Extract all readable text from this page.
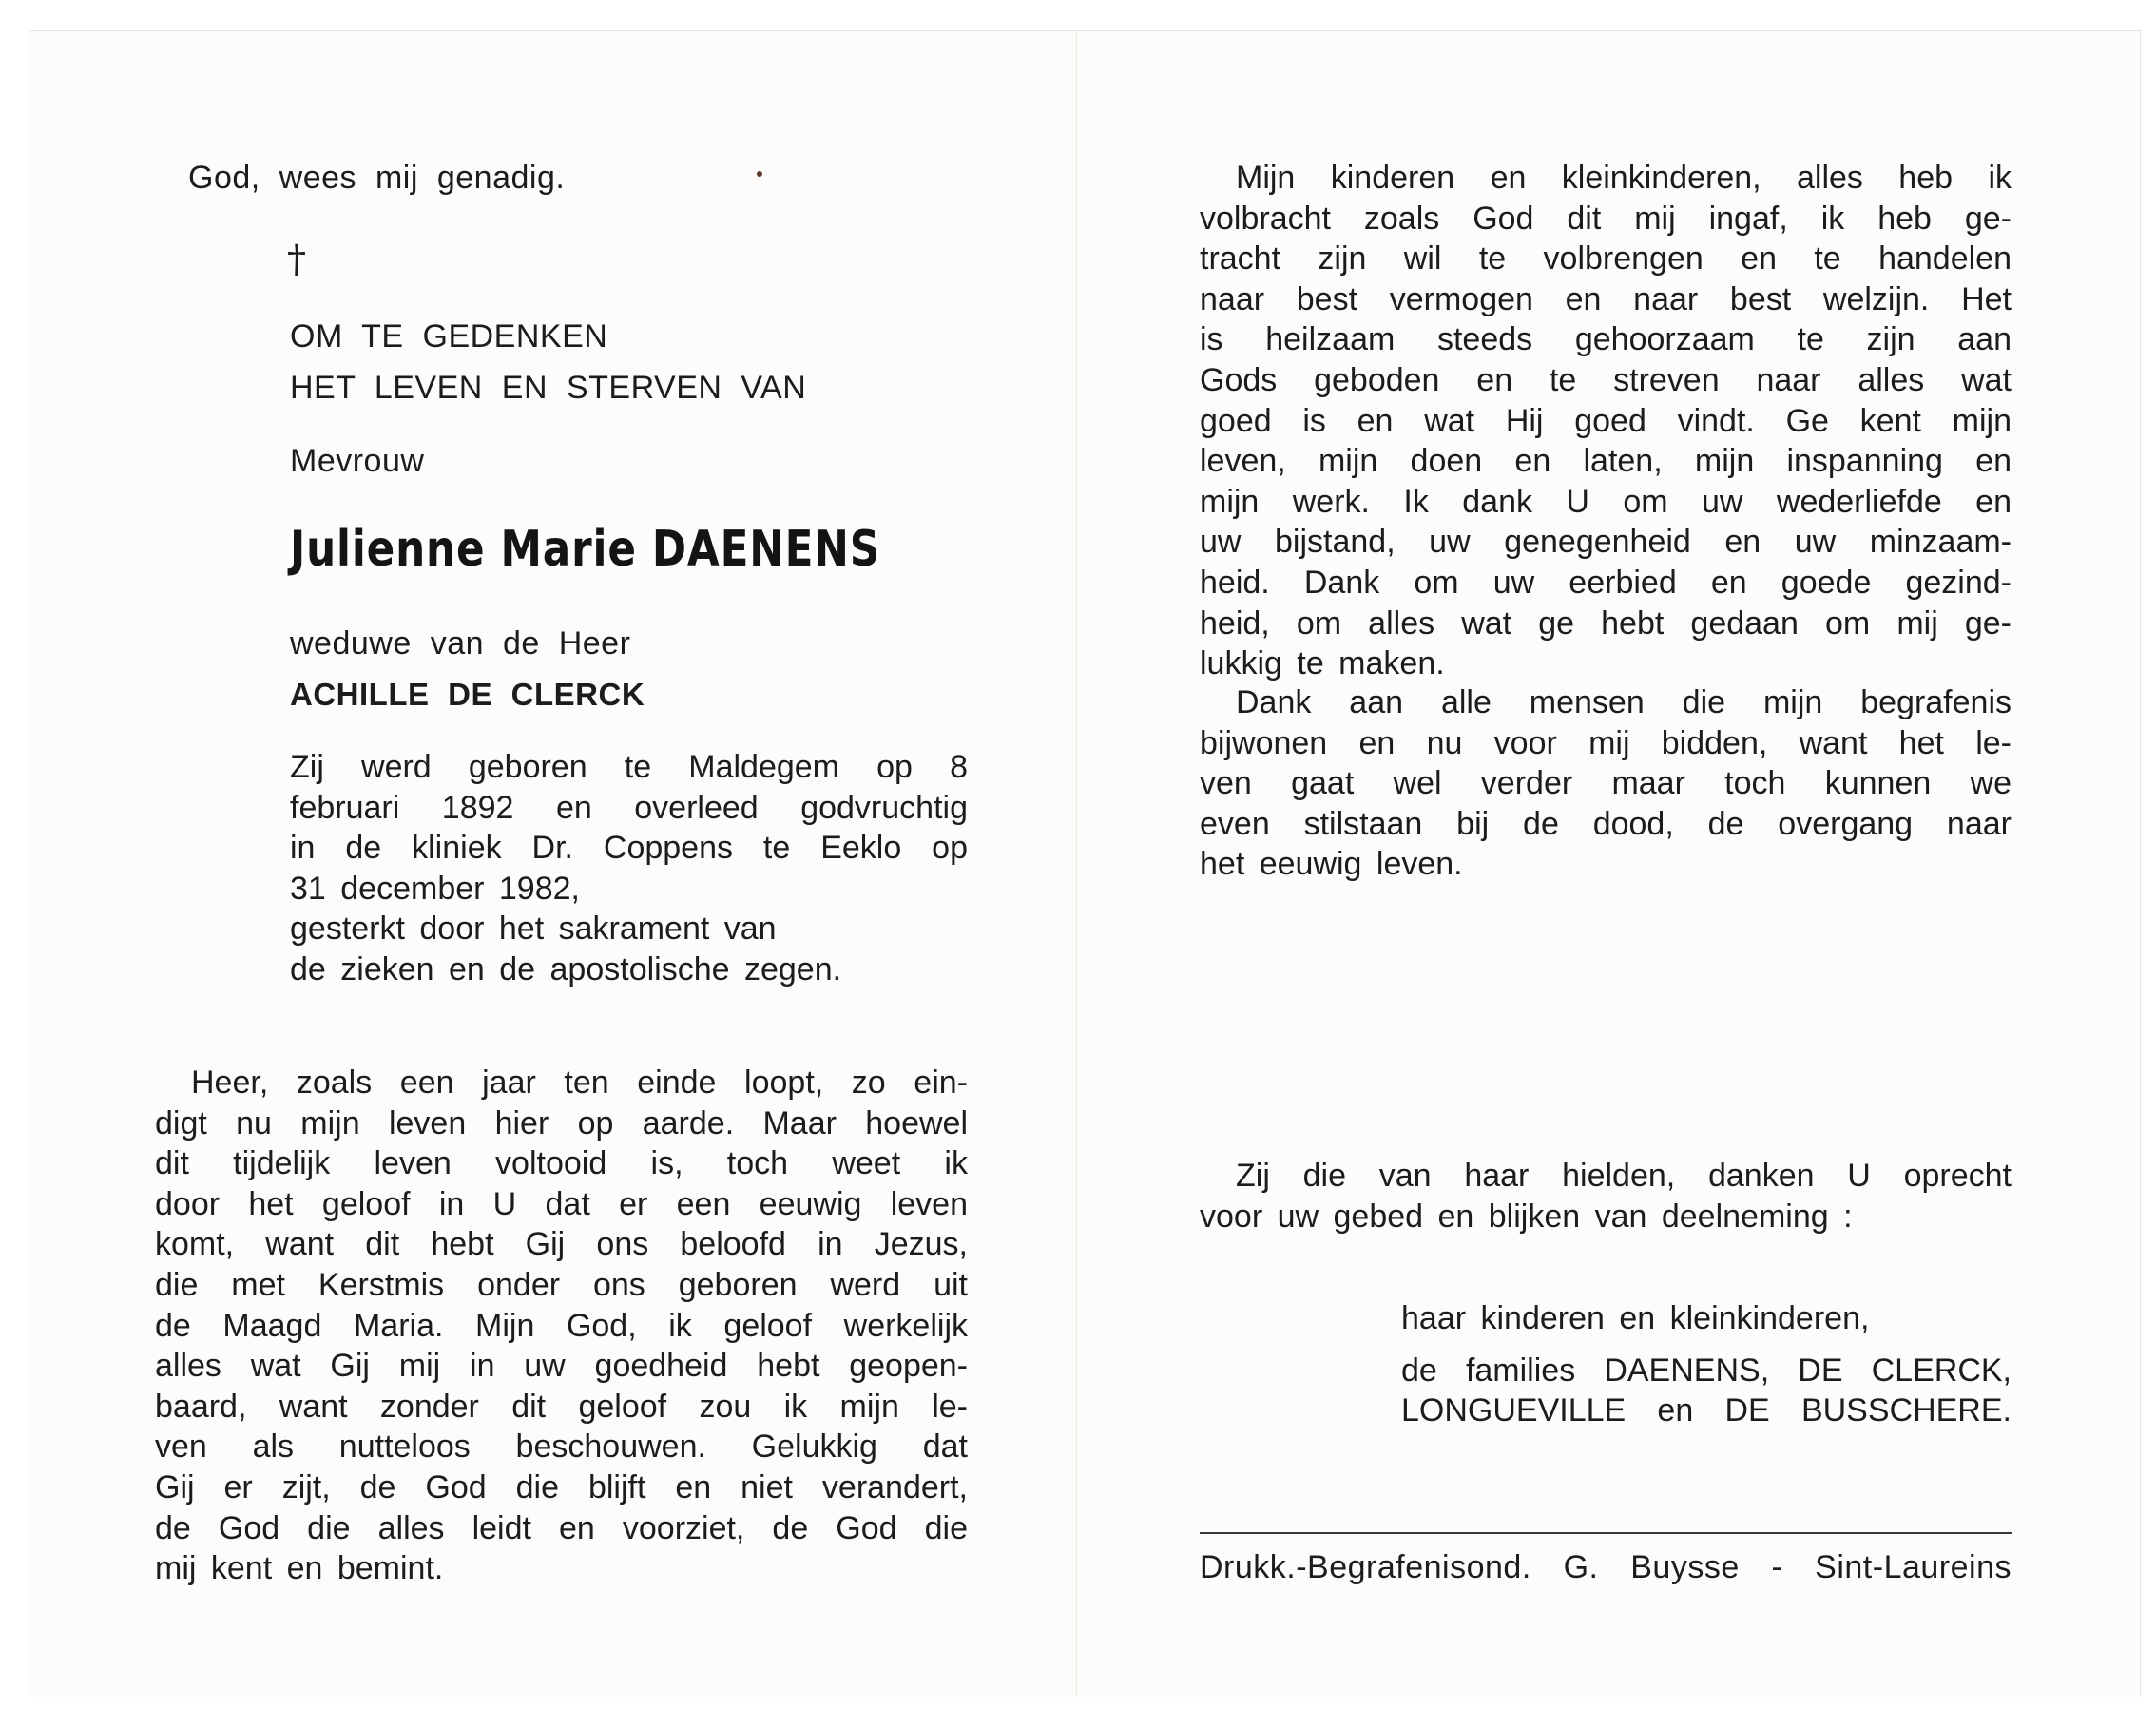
God, wees mij genadig.

†

OM TE GEDENKEN

HET LEVEN EN STERVEN VAN

Mevrouw

Julienne Marie DAENENS

weduwe van de Heer

ACHILLE DE CLERCK

Zij werd geboren te Maldegem op 8
februari 1892 en overleed godvruchtig
in de kliniek Dr. Coppens te Eeklo op
31 december 1982,
gesterkt door het sakrament van
de zieken en de apostolische zegen.
Heer, zoals een jaar ten einde loopt, zo ein-
digt nu mijn leven hier op aarde. Maar hoewel
dit tijdelijk leven voltooid is, toch weet ik
door het geloof in U dat er een eeuwig leven
komt, want dit hebt Gij ons beloofd in Jezus,
die met Kerstmis onder ons geboren werd uit
de Maagd Maria. Mijn God, ik geloof werkelijk
alles wat Gij mij in uw goedheid hebt geopen-
baard, want zonder dit geloof zou ik mijn le-
ven als nutteloos beschouwen. Gelukkig dat
Gij er zijt, de God die blijft en niet verandert,
de God die alles leidt en voorziet, de God die
mij kent en bemint.
Mijn kinderen en kleinkinderen, alles heb ik
volbracht zoals God dit mij ingaf, ik heb ge-
tracht zijn wil te volbrengen en te handelen
naar best vermogen en naar best welzijn. Het
is heilzaam steeds gehoorzaam te zijn aan
Gods geboden en te streven naar alles wat
goed is en wat Hij goed vindt. Ge kent mijn
leven, mijn doen en laten, mijn inspanning en
mijn werk. Ik dank U om uw wederliefde en
uw bijstand, uw genegenheid en uw minzaam-
heid. Dank om uw eerbied en goede gezind-
heid, om alles wat ge hebt gedaan om mij ge-
lukkig te maken.
Dank aan alle mensen die mijn begrafenis
bijwonen en nu voor mij bidden, want het le-
ven gaat wel verder maar toch kunnen we
even stilstaan bij de dood, de overgang naar
het eeuwig leven.
Zij die van haar hielden, danken U oprecht
voor uw gebed en blijken van deelneming :
haar kinderen en kleinkinderen,
de families DAENENS, DE CLERCK,
LONGUEVILLE en DE BUSSCHERE.

Drukk.-Begrafenisond. G. Buysse - Sint-Laureins
